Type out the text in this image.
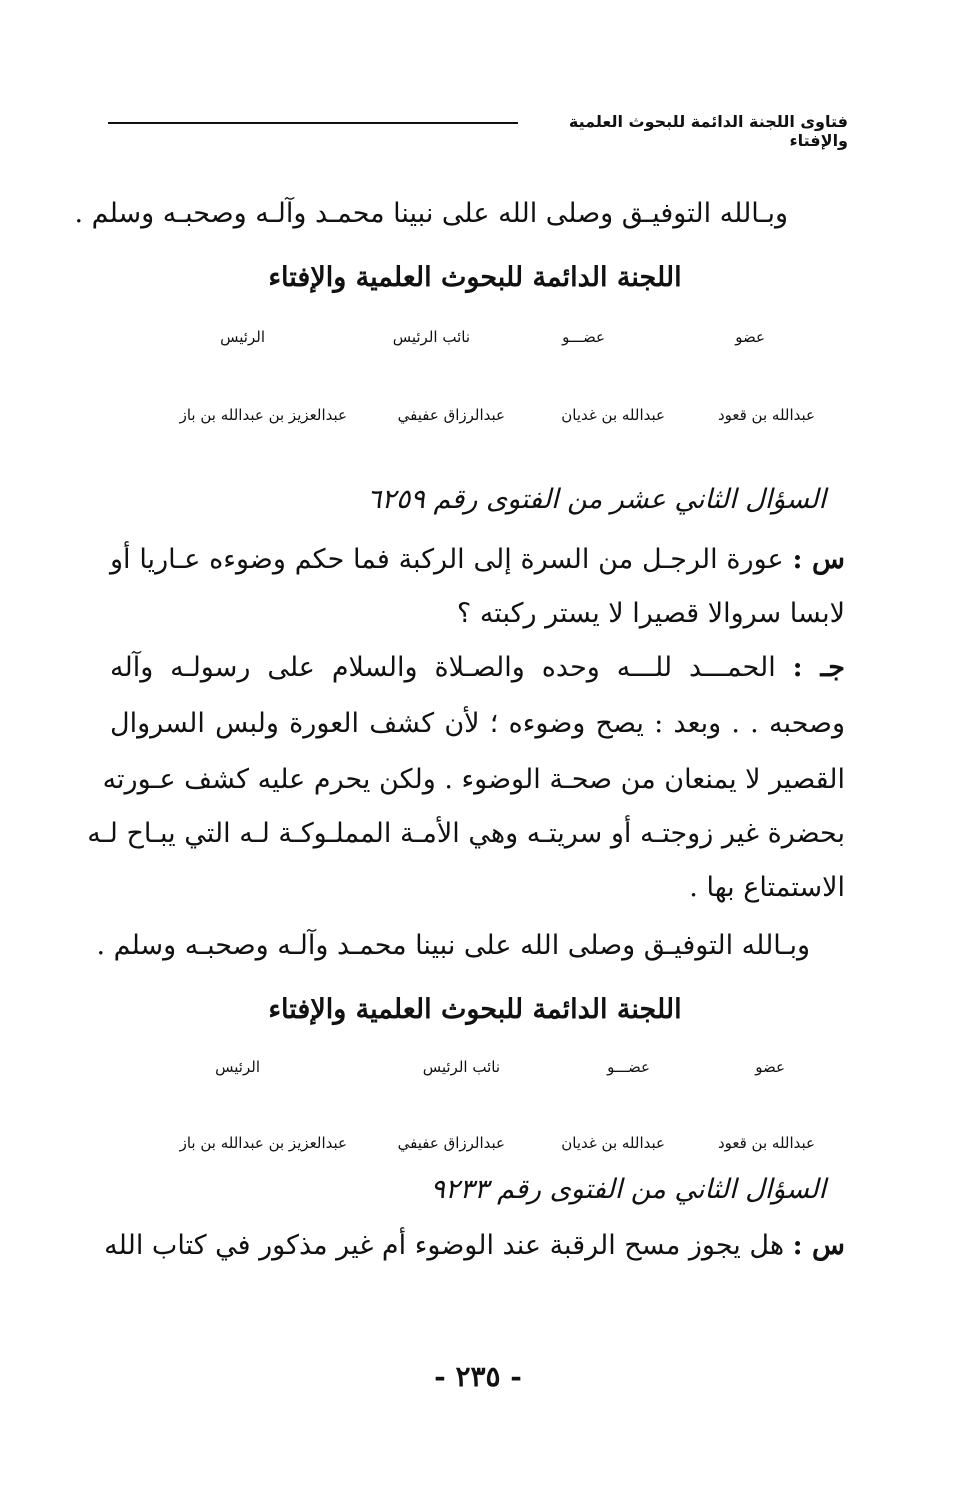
فتاوى اللجنة الدائمة للبحوث العلمية والإفتاء
وبـالله التوفيـق وصلى الله على نبينا محمـد وآلـه وصحبـه وسلم .
اللجنة الدائمة للبحوث العلمية والإفتاء
عضو
عضـــو
نائب الرئيس
الرئيس
عبدالله بن قعود
عبدالله بن غديان
عبدالرزاق عفيفي
عبدالعزيز بن عبدالله بن باز
السؤال الثاني عشر من الفتوى رقم ٦٢٥٩
س : عورة الرجـل من السرة إلى الركبة فما حكم وضوءه عـاريا أو
لابسا سروالا قصيرا لا يستر ركبته ؟
جـ : الحمـــد للـــه وحده والصـلاة والسلام على رسولـه وآله
وصحبه . . وبعد : يصح وضوءه ؛ لأن كشف العورة ولبس السروال
القصير لا يمنعان من صحـة الوضوء . ولكن يحرم عليه كشف عـورته
بحضرة غير زوجتـه أو سريتـه وهي الأمـة المملـوكـة لـه التي يبـاح لـه
الاستمتاع بها .
وبـالله التوفيـق وصلى الله على نبينا محمـد وآلـه وصحبـه وسلم .
اللجنة الدائمة للبحوث العلمية والإفتاء
عضو
عضـــو
نائب الرئيس
الرئيس
عبدالله بن قعود
عبدالله بن غديان
عبدالرزاق عفيفي
عبدالعزيز بن عبدالله بن باز
السؤال الثاني من الفتوى رقم ٩٢٣٣
س : هل يجوز مسح الرقبة عند الوضوء أم غير مذكور في كتاب الله
- ٢٣٥ -
